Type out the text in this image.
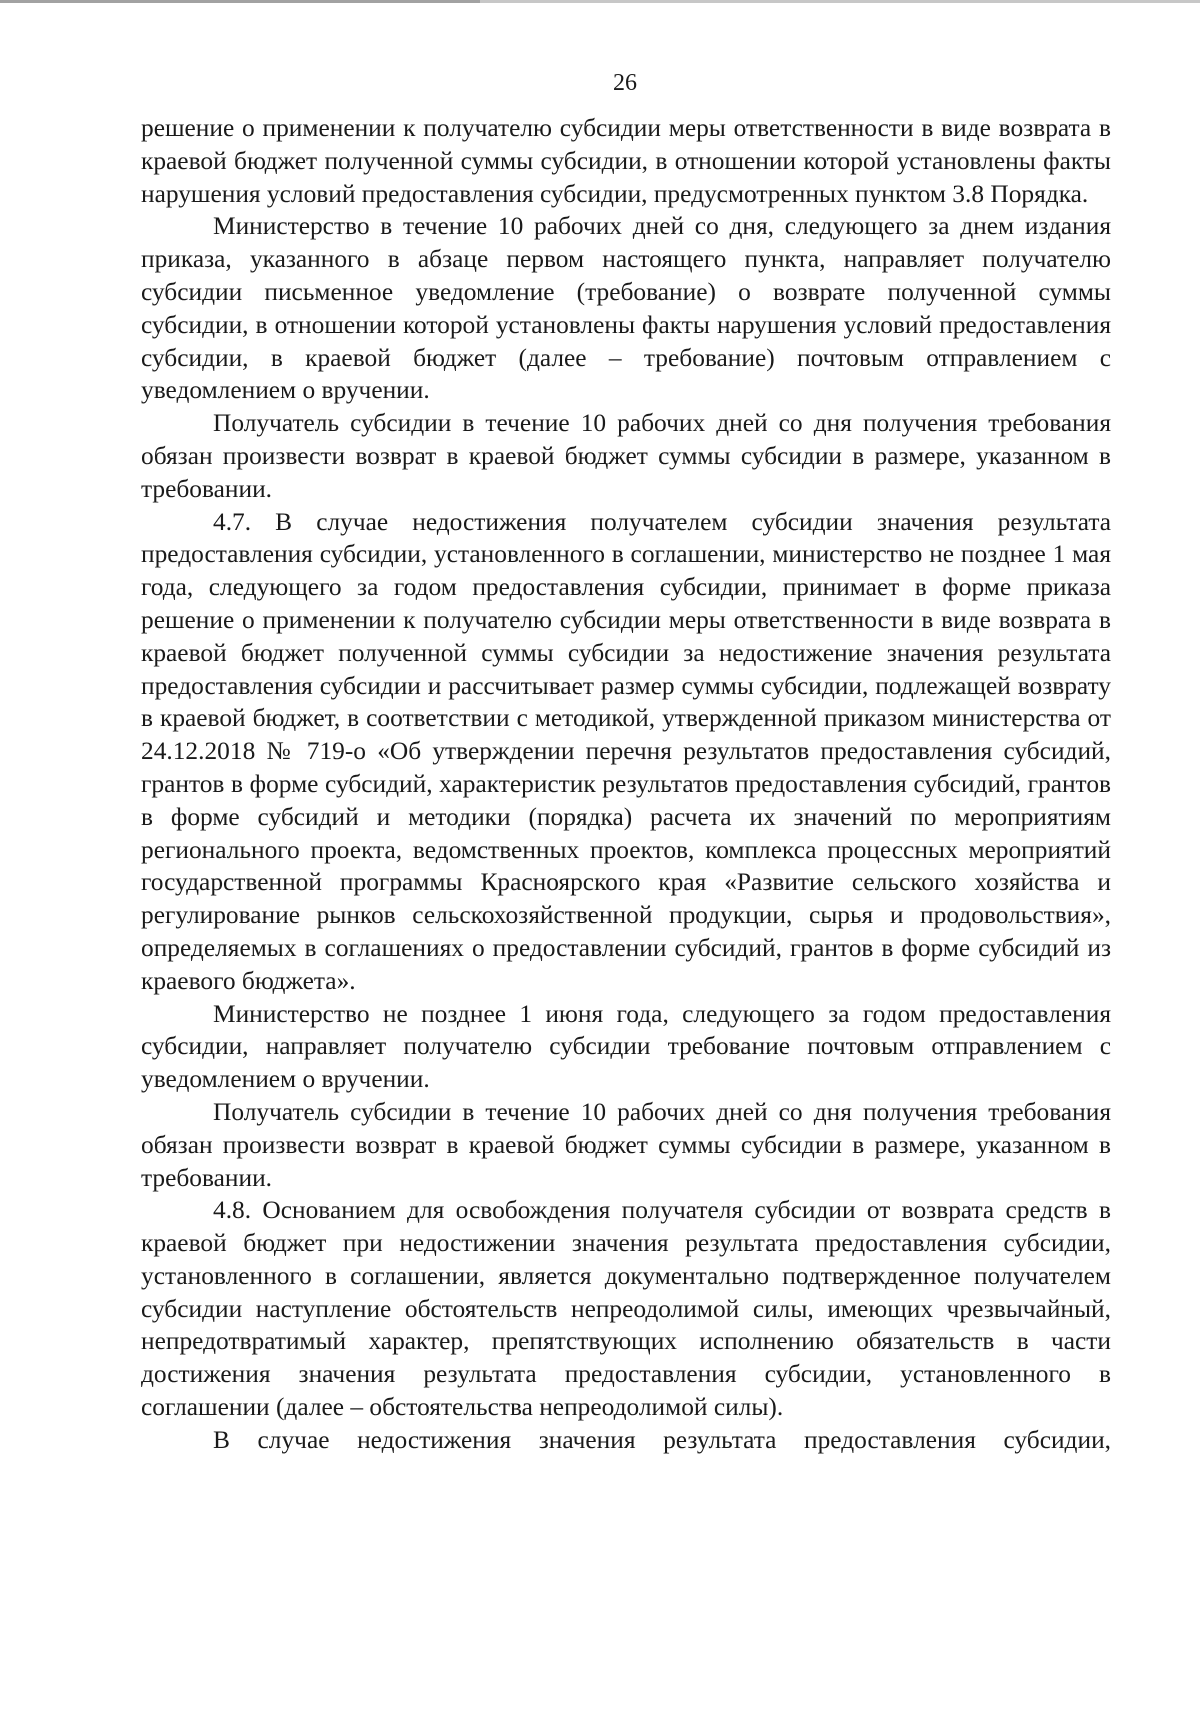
26

решение о применении к получателю субсидии меры ответственности в виде возврата в краевой бюджет полученной суммы субсидии, в отношении которой установлены факты нарушения условий предоставления субсидии, предусмотренных пунктом 3.8 Порядка.

Министерство в течение 10 рабочих дней со дня, следующего за днем издания приказа, указанного в абзаце первом настоящего пункта, направляет получателю субсидии письменное уведомление (требование) о возврате полученной суммы субсидии, в отношении которой установлены факты нарушения условий предоставления субсидии, в краевой бюджет (далее – требование) почтовым отправлением с уведомлением о вручении.

Получатель субсидии в течение 10 рабочих дней со дня получения требования обязан произвести возврат в краевой бюджет суммы субсидии в размере, указанном в требовании.

4.7. В случае недостижения получателем субсидии значения результата предоставления субсидии, установленного в соглашении, министерство не позднее 1 мая года, следующего за годом предоставления субсидии, принимает в форме приказа решение о применении к получателю субсидии меры ответственности в виде возврата в краевой бюджет полученной суммы субсидии за недостижение значения результата предоставления субсидии и рассчитывает размер суммы субсидии, подлежащей возврату в краевой бюджет, в соответствии с методикой, утвержденной приказом министерства от 24.12.2018 № 719-о «Об утверждении перечня результатов предоставления субсидий, грантов в форме субсидий, характеристик результатов предоставления субсидий, грантов в форме субсидий и методики (порядка) расчета их значений по мероприятиям регионального проекта, ведомственных проектов, комплекса процессных мероприятий государственной программы Красноярского края «Развитие сельского хозяйства и регулирование рынков сельскохозяйственной продукции, сырья и продовольствия», определяемых в соглашениях о предоставлении субсидий, грантов в форме субсидий из краевого бюджета».

Министерство не позднее 1 июня года, следующего за годом предоставления субсидии, направляет получателю субсидии требование почтовым отправлением с уведомлением о вручении.

Получатель субсидии в течение 10 рабочих дней со дня получения требования обязан произвести возврат в краевой бюджет суммы субсидии в размере, указанном в требовании.

4.8. Основанием для освобождения получателя субсидии от возврата средств в краевой бюджет при недостижении значения результата предоставления субсидии, установленного в соглашении, является документально подтвержденное получателем субсидии наступление обстоятельств непреодолимой силы, имеющих чрезвычайный, непредотвратимый характер, препятствующих исполнению обязательств в части достижения значения результата предоставления субсидии, установленного в соглашении (далее – обстоятельства непреодолимой силы).

В случае недостижения значения результата предоставления субсидии,
